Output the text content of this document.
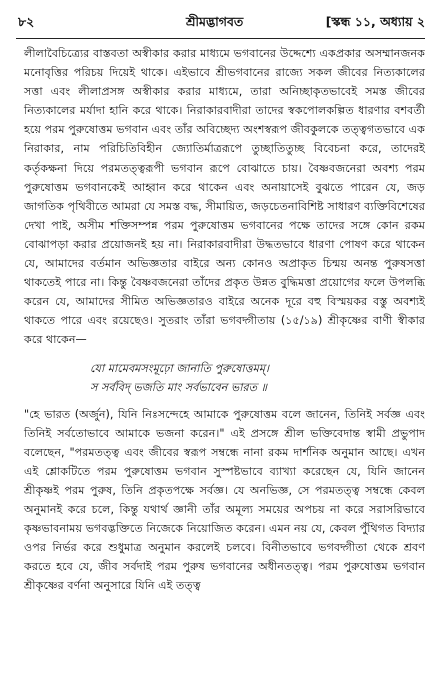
৮২	শ্রীমদ্ভাগবত	[স্কন্ধ ১১, অধ্যায় ২

লীলাবৈচিত্র্যের বাস্তবতা অস্বীকার করার মাধ্যমে ভগবানের উদ্দেশ্যে একপ্রকার অসম্মানজনক মনোবৃত্তির পরিচয় দিয়েই থাকে। এইভাবে শ্রীভগবানের রাজ্যে সকল জীবের নিত্যকালের সত্তা এবং লীলাপ্রসঙ্গ অস্বীকার করার মাধ্যমে, তারা অনিচ্ছাকৃতভাবেই সমস্ত জীবের নিত্যকালের মর্যাদা হানি করে থাকে। নিরাকারবাদীরা তাদের স্বকপোলকল্পিত ধারণার বশবর্তী হয়ে পরম পুরুষোত্তম ভগবান এবং তাঁর অবিচ্ছেদ্য অংশস্বরূপ জীবকুলকে তত্ত্বগতভাবে এক নিরাকার, নাম পরিচিতিবিহীন জ্যোতির্মাত্ররূপে তুচ্ছাতিতুচ্ছ বিবেচনা করে, তাদেরই কর্তৃকক্ষনা দিয়ে পরমতত্ত্বরূপী ভগবান রূপে বোঝাতে চায়। বৈষ্ণবজনেরা অবশ্য পরম পুরুষোত্তম ভগবানকেই আহ্বান করে থাকেন এবং অনায়াসেই বুঝতে পারেন যে, জড় জাগতিক পৃথিবীতে আমরা যে সমস্ত বদ্ধ, সীমায়িত, জড়চেতনাবিশিষ্ট সাধারণ ব্যক্তিবিশেষের দেখা পাই, অসীম শক্তিসম্পন্ন পরম পুরুষোত্তম ভগবানের পক্ষে তাদের সঙ্গে কোন রকম বোঝাপড়া করার প্রয়োজনই হয় না। নিরাকারবাদীরা উদ্ধতভাবে ধারণা পোষণ করে থাকেন যে, আমাদের বর্তমান অভিজ্ঞতার বাইরে অন্য কোনও অপ্রাকৃত চিন্ময় অনন্ত পুরুষসত্তা থাকতেই পারে না। কিন্তু বৈষ্ণবজনেরা তাঁদের প্রকৃত উন্নত বুদ্ধিমত্তা প্রয়োগের ফলে উপলব্ধি করেন যে, আমাদের সীমিত অভিজ্ঞতারও বাইরে অনেক দূরে বহু বিস্ময়কর বস্তু অবশ্যই থাকতে পারে এবং রয়েছেও। সুতরাং তাঁরা ভগবদ্গীতায় (১৫/১৯) শ্রীকৃষ্ণের বাণী স্বীকার করে থাকেন—

যো মামেবমসংমূঢ়ো জানাতি পুরুষোত্তমম্।
স সর্ববিদ্ ভজতি মাং সর্বভাবেন ভারত ॥

"হে ভারত (অর্জুন), যিনি নিঃসন্দেহে আমাকে পুরুষোত্তম বলে জানেন, তিনিই সর্বজ্ঞ এবং তিনিই সর্বতোভাবে আমাকে ভজনা করেন।" এই প্রসঙ্গে শ্রীল ভক্তিবেদান্ত স্বামী প্রভুপাদ বলেছেন, "পরমতত্ত্ব এবং জীবের স্বরূপ সম্বন্ধে নানা রকম দার্শনিক অনুমান আছে। এখন এই শ্লোকটিতে পরম পুরুষোত্তম ভগবান সুস্পষ্টভাবে ব্যাখ্যা করেছেন যে, যিনি জানেন শ্রীকৃষ্ণই পরম পুরুষ, তিনি প্রকৃতপক্ষে সর্বজ্ঞ। যে অনভিজ্ঞ, সে পরমতত্ত্ব সম্বন্ধে কেবল অনুমানই করে চলে, কিন্তু যথার্থ জ্ঞানী তাঁর অমূল্য সময়ের অপচয় না করে সরাসরিভাবে কৃষ্ণভাবনাময় ভগবদ্ভক্তিতে নিজেকে নিয়োজিত করেন। এমন নয় যে, কেবল পুঁথিগত বিদ্যার ওপর নির্ভর করে শুধুমাত্র অনুমান করলেই চলবে। বিনীতভাবে ভগবদ্গীতা থেকে শ্রবণ করতে হবে যে, জীব সর্বদাই পরম পুরুষ ভগবানের অধীনতত্ত্ব। পরম পুরুষোত্তম ভগবান শ্রীকৃষ্ণের বর্ণনা অনুসারে যিনি এই তত্ত্ব
